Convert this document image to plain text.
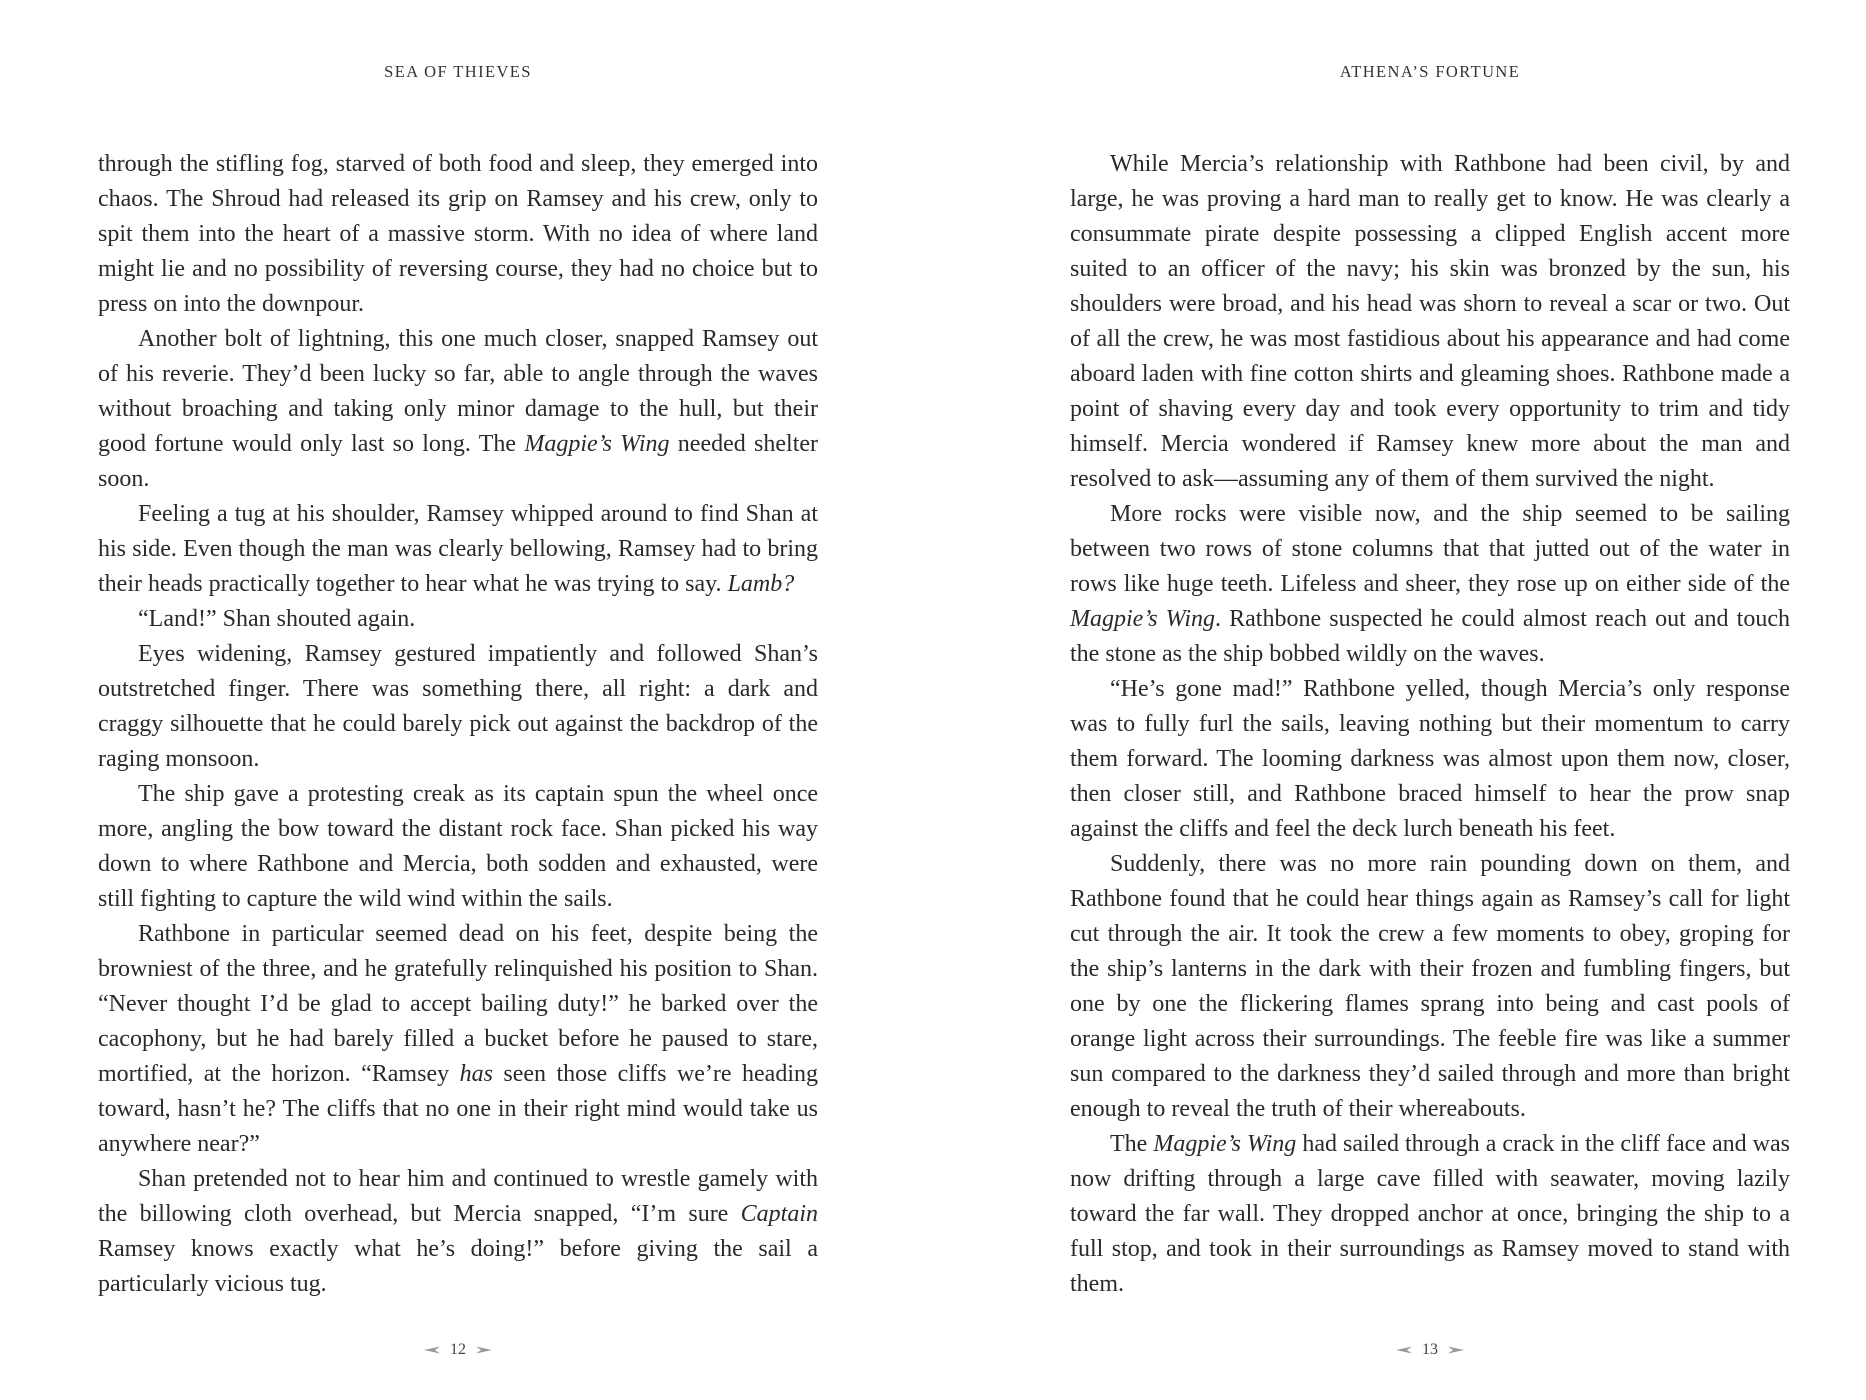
SEA OF THIEVES

through the stifling fog, starved of both food and sleep, they emerged into chaos. The Shroud had released its grip on Ramsey and his crew, only to spit them into the heart of a massive storm. With no idea of where land might lie and no possibility of reversing course, they had no choice but to press on into the downpour.

Another bolt of lightning, this one much closer, snapped Ramsey out of his reverie. They’d been lucky so far, able to angle through the waves without broaching and taking only minor damage to the hull, but their good fortune would only last so long. The Magpie’s Wing needed shelter soon.

Feeling a tug at his shoulder, Ramsey whipped around to find Shan at his side. Even though the man was clearly bellowing, Ramsey had to bring their heads practically together to hear what he was trying to say. Lamb?

“Land!” Shan shouted again.

Eyes widening, Ramsey gestured impatiently and followed Shan’s outstretched finger. There was something there, all right: a dark and craggy silhouette that he could barely pick out against the backdrop of the raging monsoon.

The ship gave a protesting creak as its captain spun the wheel once more, angling the bow toward the distant rock face. Shan picked his way down to where Rathbone and Mercia, both sodden and exhausted, were still fighting to capture the wild wind within the sails.

Rathbone in particular seemed dead on his feet, despite being the browniest of the three, and he gratefully relinquished his position to Shan. “Never thought I’d be glad to accept bailing duty!” he barked over the cacophony, but he had barely filled a bucket before he paused to stare, mortified, at the horizon. “Ramsey has seen those cliffs we’re heading toward, hasn’t he? The cliffs that no one in their right mind would take us anywhere near?”

Shan pretended not to hear him and continued to wrestle gamely with the billowing cloth overhead, but Mercia snapped, “I’m sure Captain Ramsey knows exactly what he’s doing!” before giving the sail a particularly vicious tug.

12
ATHENA’S FORTUNE

While Mercia’s relationship with Rathbone had been civil, by and large, he was proving a hard man to really get to know. He was clearly a consummate pirate despite possessing a clipped English accent more suited to an officer of the navy; his skin was bronzed by the sun, his shoulders were broad, and his head was shorn to reveal a scar or two. Out of all the crew, he was most fastidious about his appearance and had come aboard laden with fine cotton shirts and gleaming shoes. Rathbone made a point of shaving every day and took every opportunity to trim and tidy himself. Mercia wondered if Ramsey knew more about the man and resolved to ask—assuming any of them of them survived the night.

More rocks were visible now, and the ship seemed to be sailing between two rows of stone columns that that jutted out of the water in rows like huge teeth. Lifeless and sheer, they rose up on either side of the Magpie’s Wing. Rathbone suspected he could almost reach out and touch the stone as the ship bobbed wildly on the waves.

“He’s gone mad!” Rathbone yelled, though Mercia’s only response was to fully furl the sails, leaving nothing but their momentum to carry them forward. The looming darkness was almost upon them now, closer, then closer still, and Rathbone braced himself to hear the prow snap against the cliffs and feel the deck lurch beneath his feet.

Suddenly, there was no more rain pounding down on them, and Rathbone found that he could hear things again as Ramsey’s call for light cut through the air. It took the crew a few moments to obey, groping for the ship’s lanterns in the dark with their frozen and fumbling fingers, but one by one the flickering flames sprang into being and cast pools of orange light across their surroundings. The feeble fire was like a summer sun compared to the darkness they’d sailed through and more than bright enough to reveal the truth of their whereabouts.

The Magpie’s Wing had sailed through a crack in the cliff face and was now drifting through a large cave filled with seawater, moving lazily toward the far wall. They dropped anchor at once, bringing the ship to a full stop, and took in their surroundings as Ramsey moved to stand with them.

13
